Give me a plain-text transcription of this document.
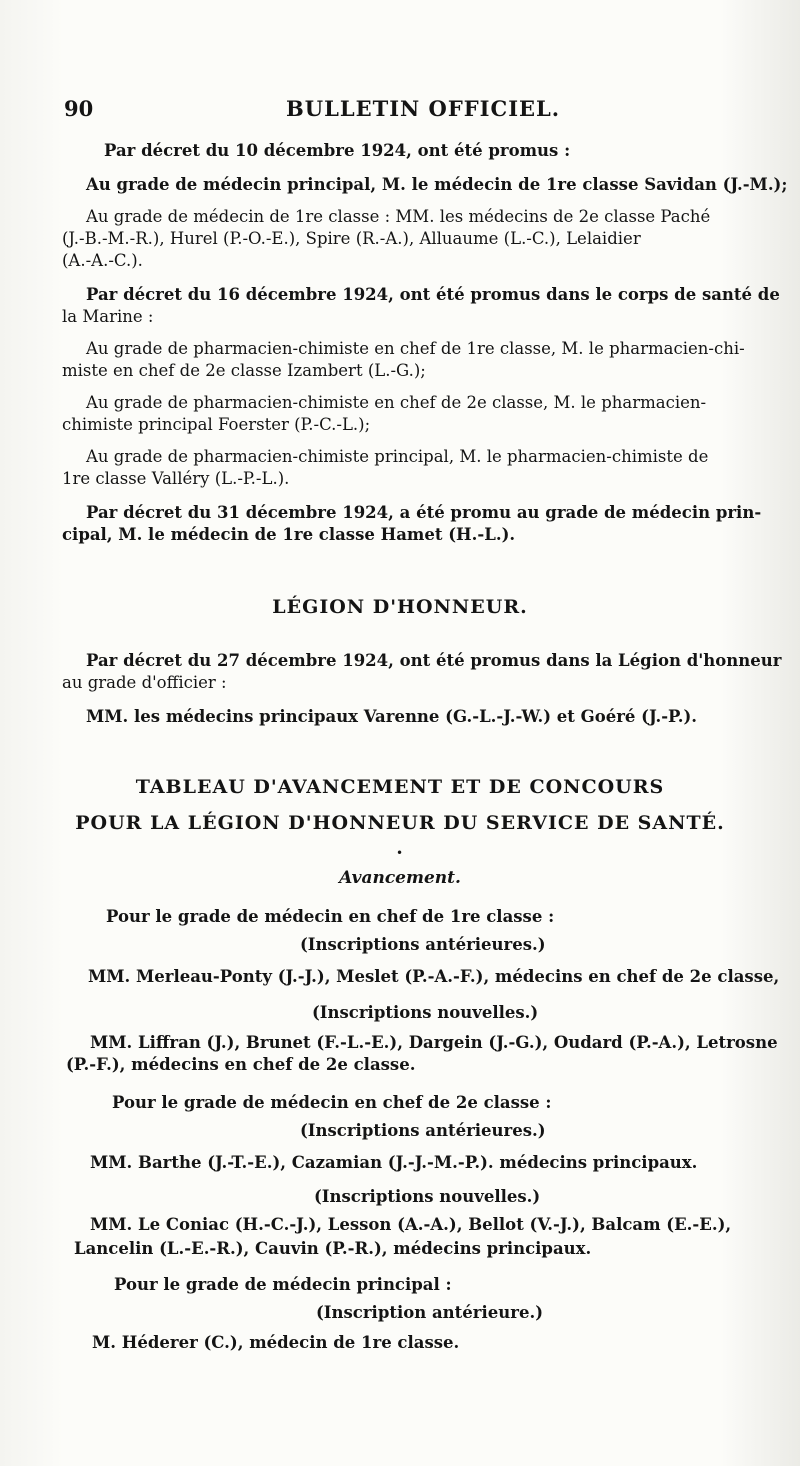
90	BULLETIN OFFICIEL.
Par décret du 10 décembre 1924, ont été promus :
Au grade de médecin principal, M. le médecin de 1re classe Savidan (J.-M.);
Au grade de médecin de 1re classe : MM. les médecins de 2e classe Paché
(J.-B.-M.-R.), Hurel (P.-O.-E.), Spire (R.-A.), Alluaume (L.-C.), Lelaidier
(A.-A.-C.).
Par décret du 16 décembre 1924, ont été promus dans le corps de santé de
la Marine :
Au grade de pharmacien-chimiste en chef de 1re classe, M. le pharmacien-chi-
miste en chef de 2e classe Izambert (L.-G.);
Au grade de pharmacien-chimiste en chef de 2e classe, M. le pharmacien-
chimiste principal Foerster (P.-C.-L.);
Au grade de pharmacien-chimiste principal, M. le pharmacien-chimiste de
1re classe Valléry (L.-P.-L.).
Par décret du 31 décembre 1924, a été promu au grade de médecin prin-
cipal, M. le médecin de 1re classe Hamet (H.-L.).
LÉGION D'HONNEUR.
Par décret du 27 décembre 1924, ont été promus dans la Légion d'honneur
au grade d'officier :
MM. les médecins principaux Varenne (G.-L.-J.-W.) et Goéré (J.-P.).
TABLEAU D'AVANCEMENT ET DE CONCOURS
POUR LA LÉGION D'HONNEUR DU SERVICE DE SANTÉ.
•
Avancement.
Pour le grade de médecin en chef de 1re classe :
(Inscriptions antérieures.)
MM. Merleau-Ponty (J.-J.), Meslet (P.-A.-F.), médecins en chef de 2e classe,
(Inscriptions nouvelles.)
MM. Liffran (J.), Brunet (F.-L.-E.), Dargein (J.-G.), Oudard (P.-A.), Letrosne
(P.-F.), médecins en chef de 2e classe.
Pour le grade de médecin en chef de 2e classe :
(Inscriptions antérieures.)
MM. Barthe (J.-T.-E.), Cazamian (J.-J.-M.-P.). médecins principaux.
(Inscriptions nouvelles.)
MM. Le Coniac (H.-C.-J.), Lesson (A.-A.), Bellot (V.-J.), Balcam (E.-E.),
Lancelin (L.-E.-R.), Cauvin (P.-R.), médecins principaux.
Pour le grade de médecin principal :
(Inscription antérieure.)
M. Héderer (C.), médecin de 1re classe.
